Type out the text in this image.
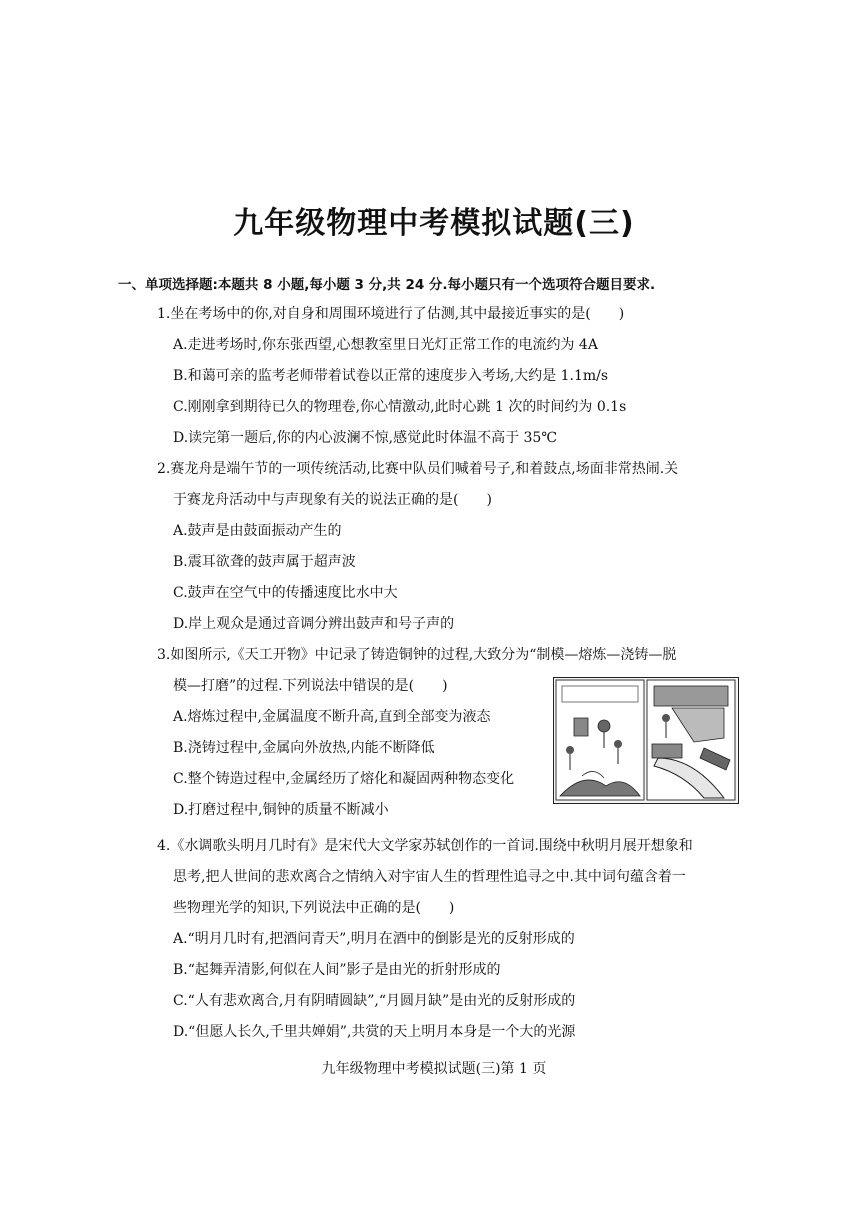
九年级物理中考模拟试题(三)
一、单项选择题:本题共 8 小题,每小题 3 分,共 24 分.每小题只有一个选项符合题目要求.
1.坐在考场中的你,对自身和周围环境进行了估测,其中最接近事实的是(　　)
A.走进考场时,你东张西望,心想教室里日光灯正常工作的电流约为 4A
B.和蔼可亲的监考老师带着试卷以正常的速度步入考场,大约是 1.1m/s
C.刚刚拿到期待已久的物理卷,你心情激动,此时心跳 1 次的时间约为 0.1s
D.读完第一题后,你的内心波澜不惊,感觉此时体温不高于 35℃
2.赛龙舟是端午节的一项传统活动,比赛中队员们喊着号子,和着鼓点,场面非常热闹.关
于赛龙舟活动中与声现象有关的说法正确的是(　　)
A.鼓声是由鼓面振动产生的
B.震耳欲聋的鼓声属于超声波
C.鼓声在空气中的传播速度比水中大
D.岸上观众是通过音调分辨出鼓声和号子声的
3.如图所示,《天工开物》中记录了铸造铜钟的过程,大致分为“制模—熔炼—浇铸—脱
模—打磨”的过程.下列说法中错误的是(　　)
A.熔炼过程中,金属温度不断升高,直到全部变为液态
B.浇铸过程中,金属向外放热,内能不断降低
C.整个铸造过程中,金属经历了熔化和凝固两种物态变化
D.打磨过程中,铜钟的质量不断减小
4.《水调歌头明月几时有》是宋代大文学家苏轼创作的一首词.围绕中秋明月展开想象和
思考,把人世间的悲欢离合之情纳入对宇宙人生的哲理性追寻之中.其中词句蕴含着一
些物理光学的知识,下列说法中正确的是(　　)
A.“明月几时有,把酒问青天”,明月在酒中的倒影是光的反射形成的
B.“起舞弄清影,何似在人间”影子是由光的折射形成的
C.“人有悲欢离合,月有阴晴圆缺”,“月圆月缺”是由光的反射形成的
D.“但愿人长久,千里共婵娟”,共赏的天上明月本身是一个大的光源
九年级物理中考模拟试题(三)第 1 页
